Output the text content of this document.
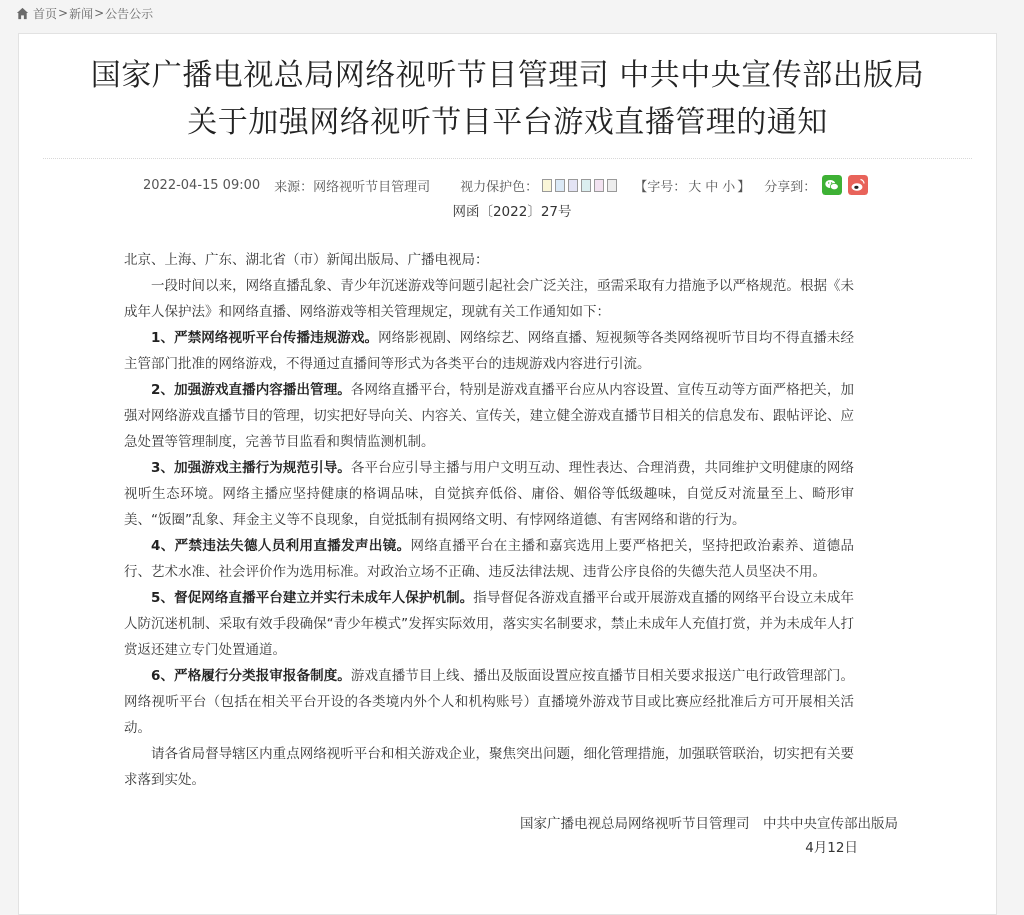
首页 > 新闻 > 公告公示
国家广播电视总局网络视听节目管理司 中共中央宣传部出版局
关于加强网络视听节目平台游戏直播管理的通知
2022-04-15 09:00 来源：网络视听节目管理司 视力保护色：	【字号： 大 中 小 】 分享到：
网函〔2022〕27号

北京、上海、广东、湖北省（市）新闻出版局、广播电视局：

一段时间以来，网络直播乱象、青少年沉迷游戏等问题引起社会广泛关注，亟需采取有力措施予以严格规范。根据《未成年人保护法》和网络直播、网络游戏等相关管理规定，现就有关工作通知如下：

1、严禁网络视听平台传播违规游戏。网络影视剧、网络综艺、网络直播、短视频等各类网络视听节目均不得直播未经主管部门批准的网络游戏，不得通过直播间等形式为各类平台的违规游戏内容进行引流。

2、加强游戏直播内容播出管理。各网络直播平台，特别是游戏直播平台应从内容设置、宣传互动等方面严格把关，加强对网络游戏直播节目的管理，切实把好导向关、内容关、宣传关，建立健全游戏直播节目相关的信息发布、跟帖评论、应急处置等管理制度，完善节目监看和舆情监测机制。

3、加强游戏主播行为规范引导。各平台应引导主播与用户文明互动、理性表达、合理消费，共同维护文明健康的网络视听生态环境。网络主播应坚持健康的格调品味，自觉摈弃低俗、庸俗、媚俗等低级趣味，自觉反对流量至上、畸形审美、“饭圈”乱象、拜金主义等不良现象，自觉抵制有损网络文明、有悖网络道德、有害网络和谐的行为。

4、严禁违法失德人员利用直播发声出镜。网络直播平台在主播和嘉宾选用上要严格把关，坚持把政治素养、道德品行、艺术水准、社会评价作为选用标准。对政治立场不正确、违反法律法规、违背公序良俗的失德失范人员坚决不用。

5、督促网络直播平台建立并实行未成年人保护机制。指导督促各游戏直播平台或开展游戏直播的网络平台设立未成年人防沉迷机制、采取有效手段确保“青少年模式”发挥实际效用，落实实名制要求，禁止未成年人充值打赏，并为未成年人打赏返还建立专门处置通道。

6、严格履行分类报审报备制度。游戏直播节目上线、播出及版面设置应按直播节目相关要求报送广电行政管理部门。网络视听平台（包括在相关平台开设的各类境内外个人和机构账号）直播境外游戏节目或比赛应经批准后方可开展相关活动。

请各省局督导辖区内重点网络视听平台和相关游戏企业，聚焦突出问题，细化管理措施，加强联管联治，切实把有关要求落到实处。

国家广播电视总局网络视听节目管理司　中共中央宣传部出版局
4月12日
